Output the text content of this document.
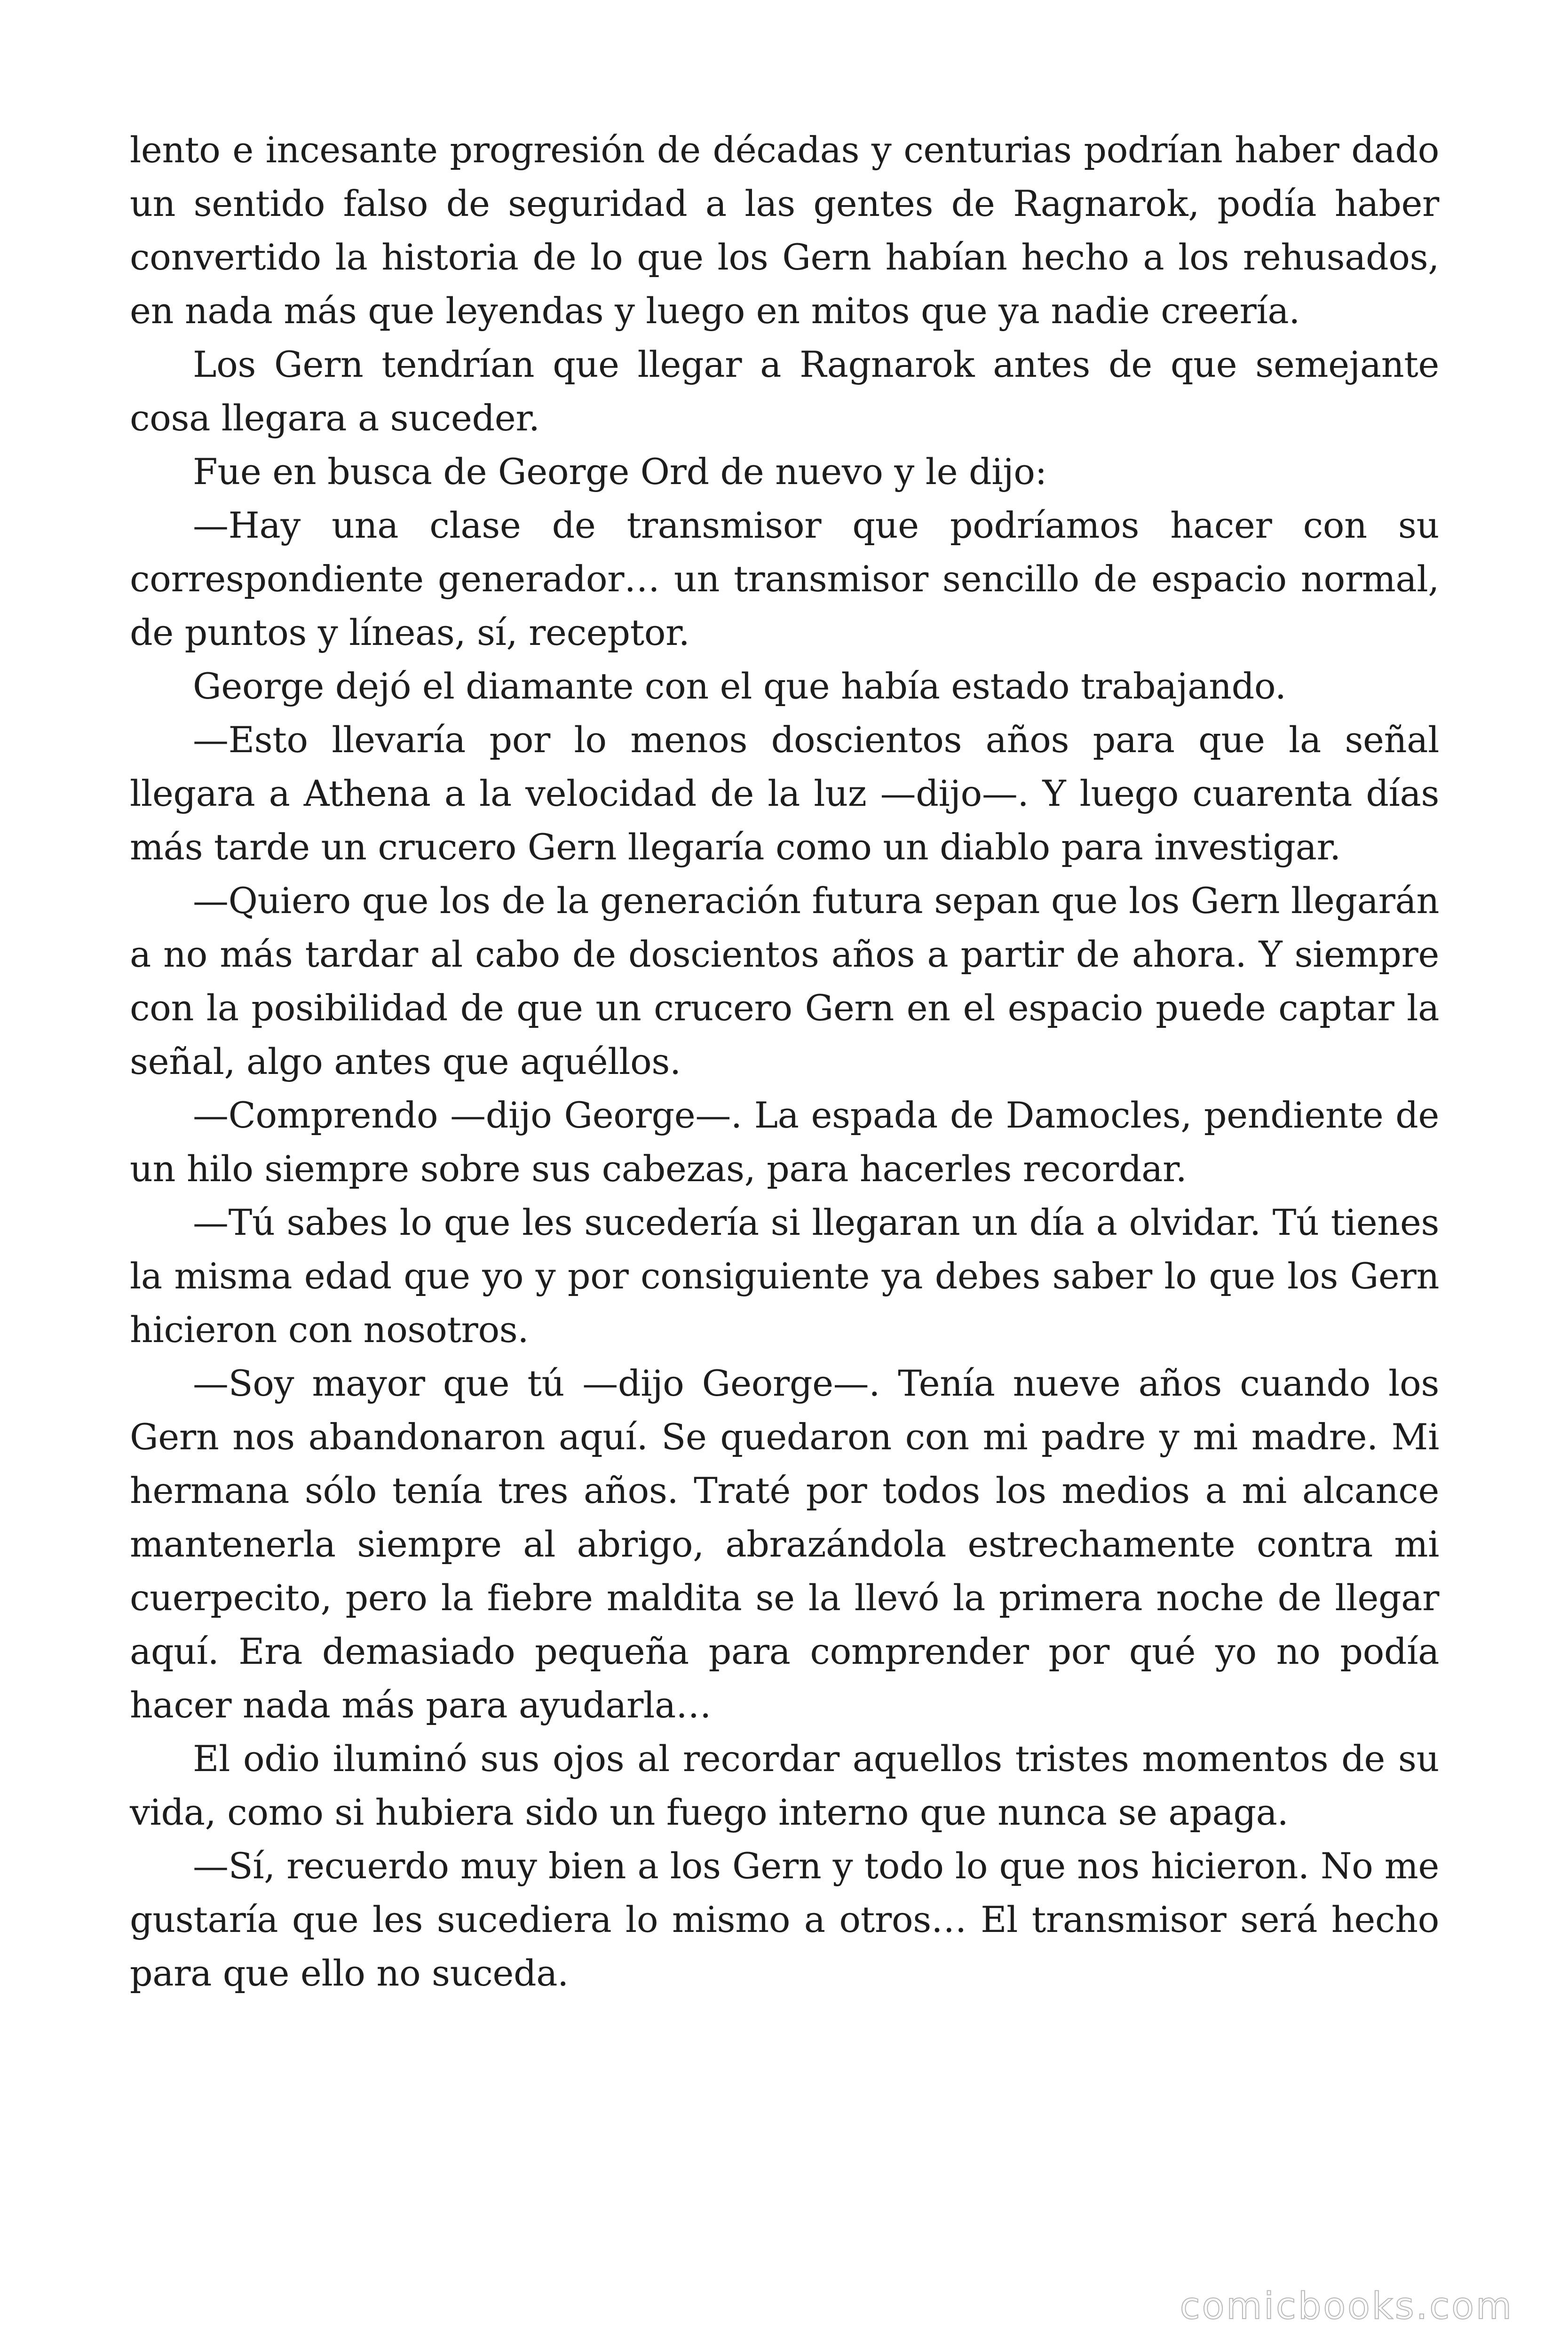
lento e incesante progresión de décadas y centurias podrían haber dado un sentido falso de seguridad a las gentes de Ragnarok, podía haber convertido la historia de lo que los Gern habían hecho a los rehusados, en nada más que leyendas y luego en mitos que ya nadie creería.

Los Gern tendrían que llegar a Ragnarok antes de que semejante cosa llegara a suceder.

Fue en busca de George Ord de nuevo y le dijo:

—Hay una clase de transmisor que podríamos hacer con su correspondiente generador… un transmisor sencillo de espacio normal, de puntos y líneas, sí, receptor.

George dejó el diamante con el que había estado trabajando.

—Esto llevaría por lo menos doscientos años para que la señal llegara a Athena a la velocidad de la luz —dijo—. Y luego cuarenta días más tarde un crucero Gern llegaría como un diablo para investigar.

—Quiero que los de la generación futura sepan que los Gern llegarán a no más tardar al cabo de doscientos años a partir de ahora. Y siempre con la posibilidad de que un crucero Gern en el espacio puede captar la señal, algo antes que aquéllos.

—Comprendo —dijo George—. La espada de Damocles, pendiente de un hilo siempre sobre sus cabezas, para hacerles recordar.

—Tú sabes lo que les sucedería si llegaran un día a olvidar. Tú tienes la misma edad que yo y por consiguiente ya debes saber lo que los Gern hicieron con nosotros.

—Soy mayor que tú —dijo George—. Tenía nueve años cuando los Gern nos abandonaron aquí. Se quedaron con mi padre y mi madre. Mi hermana sólo tenía tres años. Traté por todos los medios a mi alcance mantenerla siempre al abrigo, abrazándola estrechamente contra mi cuerpecito, pero la fiebre maldita se la llevó la primera noche de llegar aquí. Era demasiado pequeña para comprender por qué yo no podía hacer nada más para ayudarla…

El odio iluminó sus ojos al recordar aquellos tristes momentos de su vida, como si hubiera sido un fuego interno que nunca se apaga.

—Sí, recuerdo muy bien a los Gern y todo lo que nos hicieron. No me gustaría que les sucediera lo mismo a otros… El transmisor será hecho para que ello no suceda.

comicbooks.com
